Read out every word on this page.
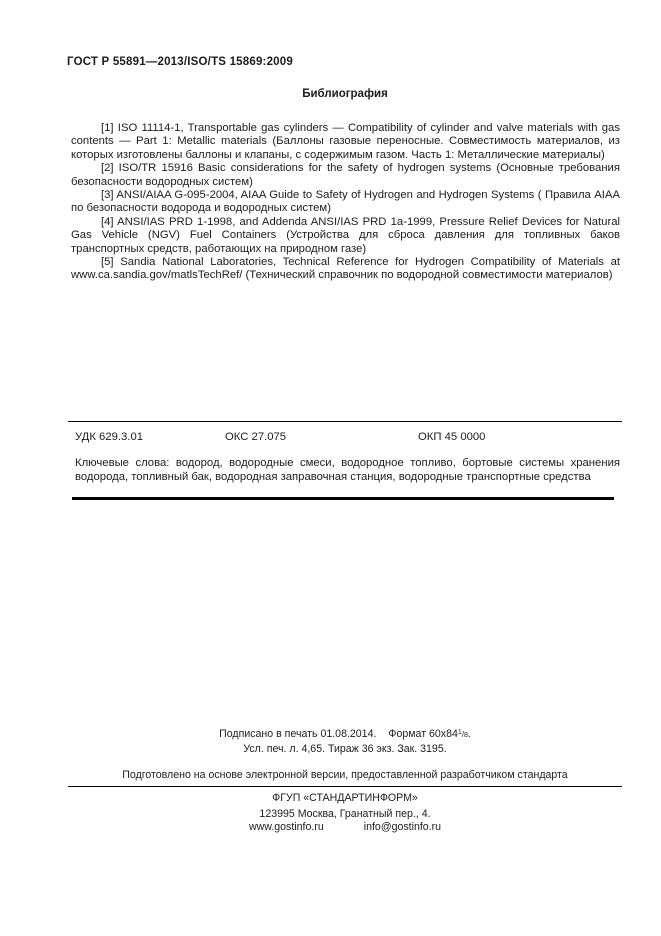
ГОСТ Р 55891—2013/ISO/TS 15869:2009
Библиография

[1] ISO 11114-1, Transportable gas cylinders — Compatibility of cylinder and valve materials with gas contents — Part 1: Metallic materials (Баллоны газовые переносные. Совместимость материалов, из которых изготовлены баллоны и клапаны, с содержимым газом. Часть 1: Металлические материалы)

[2] ISO/TR 15916 Basic considerations for the safety of hydrogen systems (Основные требования безопасности водородных систем)

[3] ANSI/AIAA G-095-2004, AIAA Guide to Safety of Hydrogen and Hydrogen Systems ( Правила AIAA по безопасности водорода и водородных систем)

[4] ANSI/IAS PRD 1-1998, and Addenda ANSI/IAS PRD 1a-1999, Pressure Relief Devices for Natural Gas Vehicle (NGV) Fuel Containers (Устройства для сброса давления для топливных баков транспортных средств, работающих на природном газе)

[5] Sandia National Laboratories, Technical Reference for Hydrogen Compatibility of Materials at www.ca.sandia.gov/matlsTechRef/ (Технический справочник по водородной совместимости материалов)

УДК 629.3.01	ОКС 27.075	ОКП 45 0000
Ключевые слова: водород, водородные смеси, водородное топливо, бортовые системы хранения водорода, топливный бак, водородная заправочная станция, водородные транспортные средства
Подписано в печать 01.08.2014. Формат $60х84^1/8$.
Усл. печ. л. 4,65. Тираж 36 экз. Зак. 3195.
Подготовлено на основе электронной версии, предоставленной разработчиком стандарта
ФГУП «СТАНДАРТИНФОРМ»
123995 Москва, Гранатный пер., 4.
www.gostinfo.ru	info@gostinfo.ru
